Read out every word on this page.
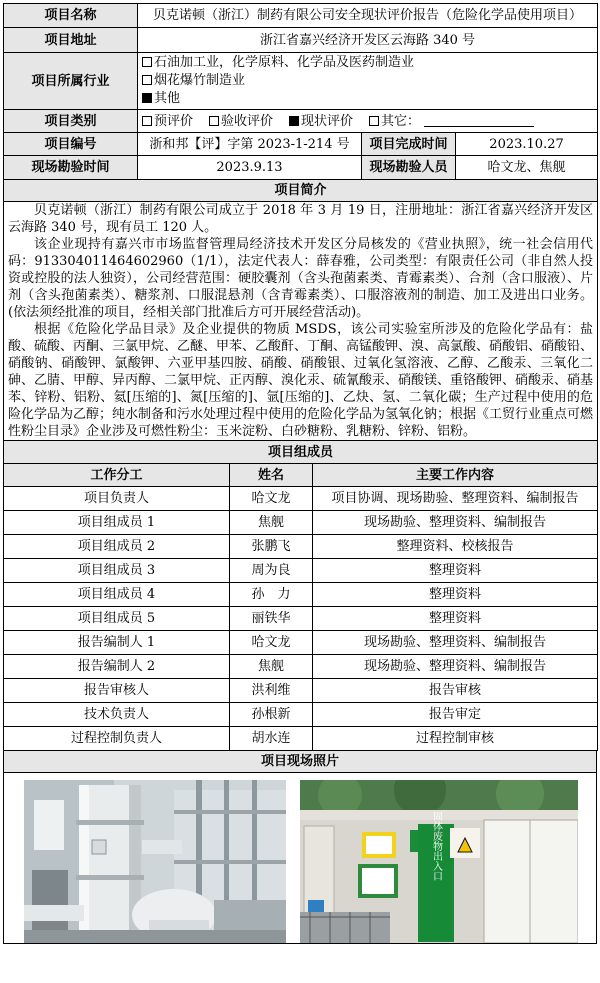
项目名称	贝克诺顿（浙江）制药有限公司安全现状评价报告（危险化学品使用项目）		
项目地址	浙江省嘉兴经济开发区云海路 340 号		
项目所属行业	石油加工业，化学原料、化学品及医药制造业
烟花爆竹制造业
其他		

项目类别	预评价 验收评价 现状评价 其它：		
项目编号	浙和邦【评】字第 2023-1-214 号	项目完成时间	2023.10.27
现场勘验时间	2023.9.13	现场勘验人员	哈文龙、焦舰
项目简介			

贝克诺顿（浙江）制药有限公司成立于 2018 年 3 月 19 日，注册地址：浙江省嘉兴经济开发区云海路 340 号，现有员工 120 人。

该企业现持有嘉兴市市场监督管理局经济技术开发区分局核发的《营业执照》，统一社会信用代码：91330401146460​2960（1/1），法定代表人：薛春雅，公司类型：有限责任公司（非自然人投资或控股的法人独资），公司经营范围：硬胶囊剂（含头孢菌素类、青霉素类）、合剂（含口服液）、片剂（含头孢菌素类）、糖浆剂、口服混悬剂（含青霉素类）、口服溶液剂的制造、加工及进出口业务。(依法须经批准的项目，经相关部门批准后方可开展经营活动)。

根据《危险化学品目录》及企业提供的物质 MSDS，该公司实验室所涉及的危险化学品有：盐酸、硫酸、丙酮、三氯甲烷、乙醚、甲苯、乙酸酐、丁酮、高锰酸钾、溴、高氯酸、硝酸铝、硝酸铅、硝酸钠、硝酸钾、氯酸钾、六亚甲基四胺、硝酸、硝酸银、过氧化氢溶液、乙醇、乙酸汞、三氧化二砷、乙腈、甲醇、异丙醇、二氯甲烷、正丙醇、溴化汞、硫氰酸汞、硝酸镁、重铬酸钾、硝酸汞、硝基苯、锌粉、铝粉、氦[压缩的]、氮[压缩的]、氩[压缩的]、乙炔、氢、二氧化碳；生产过程中使用的危险化学品为乙醇；纯水制备和污水处理过程中使用的危险化学品为氢氧化钠；根据《工贸行业重点可燃性粉尘目录》企业涉及可燃性粉尘：玉米淀粉、白砂糖粉、乳糖粉、锌粉、铝粉。			

项目组成员		
工作分工	姓名	主要工作内容
项目负责人	哈文龙	项目协调、现场勘验、整理资料、编制报告
项目组成员 1	焦舰	现场勘验、整理资料、编制报告
项目组成员 2	张鹏飞	整理资料、校核报告
项目组成员 3	周为良	整理资料
项目组成员 4	孙　力	整理资料
项目组成员 5	丽铁华	整理资料
报告编制人 1	哈文龙	现场勘验、整理资料、编制报告
报告编制人 2	焦舰	现场勘验、整理资料、编制报告
报告审核人	洪利维	报告审核
技术负责人	孙根新	报告审定
过程控制负责人	胡水连	过程控制审核
项目现场照片

固体废物出入口
